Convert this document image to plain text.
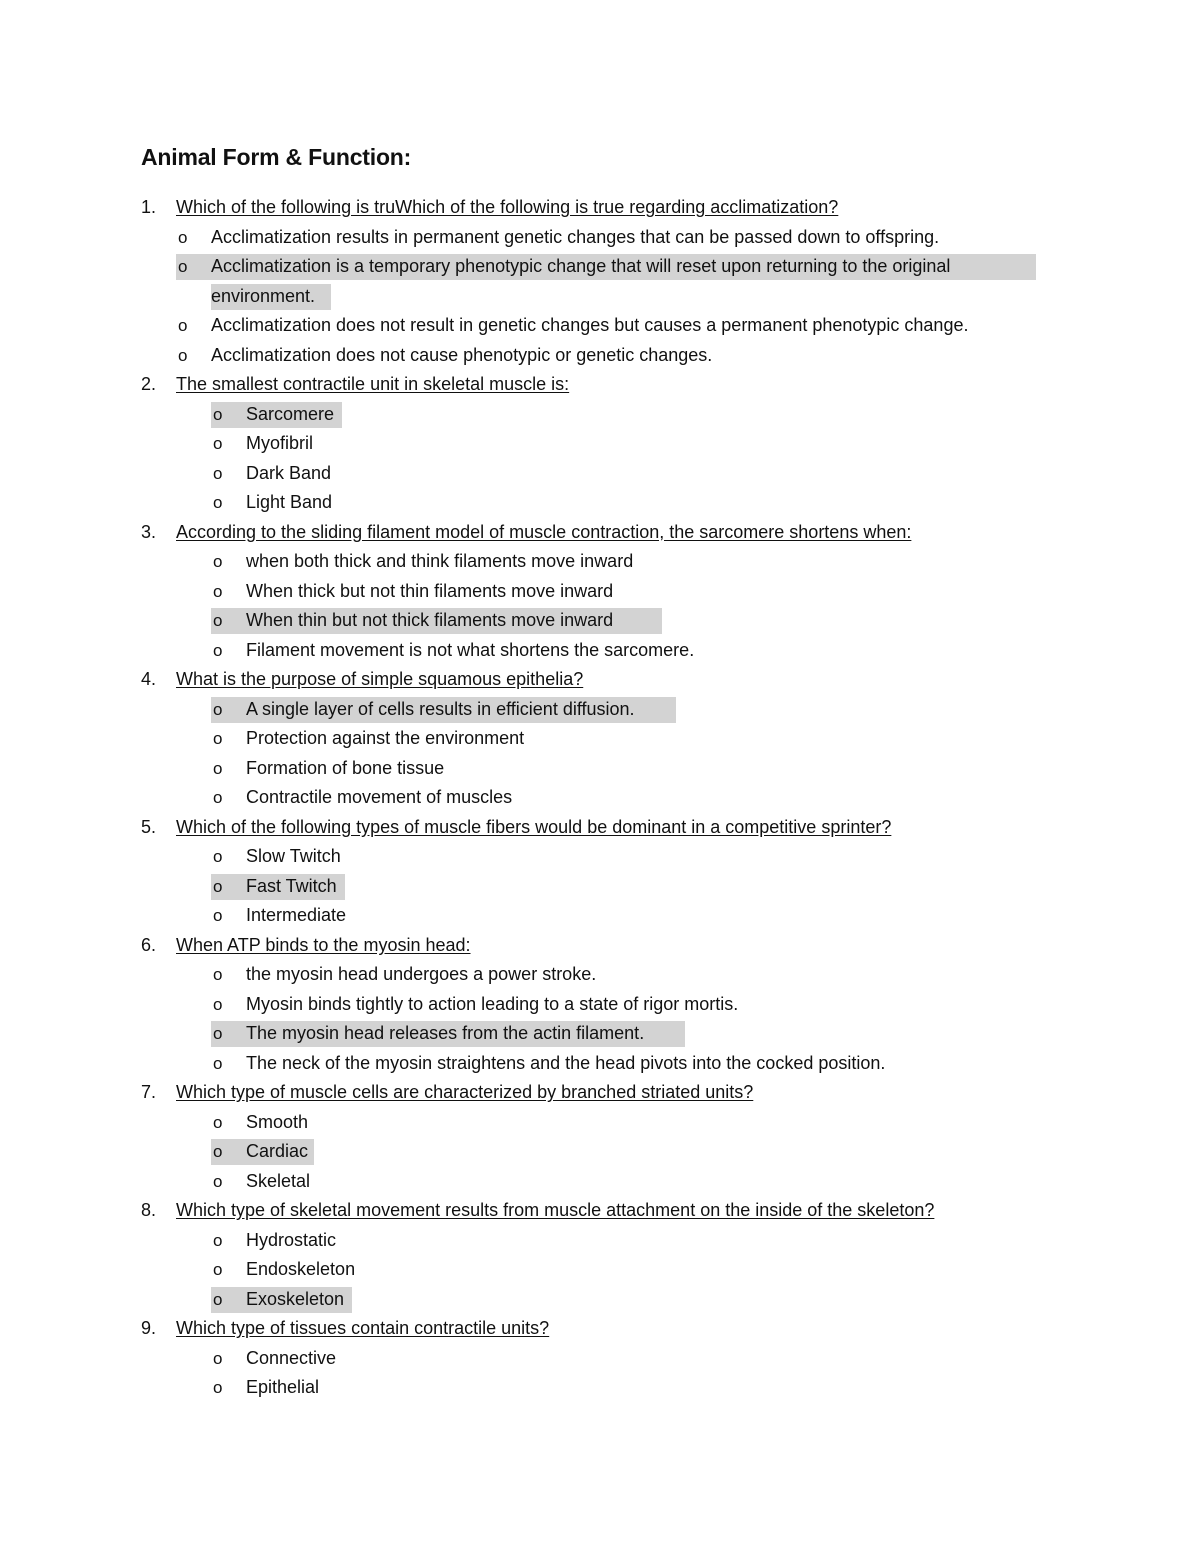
Animal Form & Function:
1. Which of the following is truWhich of the following is true regarding acclimatization?
o Acclimatization results in permanent genetic changes that can be passed down to offspring.
o Acclimatization is a temporary phenotypic change that will reset upon returning to the original
environment.
o Acclimatization does not result in genetic changes but causes a permanent phenotypic change.
o Acclimatization does not cause phenotypic or genetic changes.
2. The smallest contractile unit in skeletal muscle is:
o Sarcomere
o Myofibril
o Dark Band
o Light Band
3. According to the sliding filament model of muscle contraction, the sarcomere shortens when:
o when both thick and think filaments move inward
o When thick but not thin filaments move inward
o When thin but not thick filaments move inward
o Filament movement is not what shortens the sarcomere.
4. What is the purpose of simple squamous epithelia?
o A single layer of cells results in efficient diffusion.
o Protection against the environment
o Formation of bone tissue
o Contractile movement of muscles
5. Which of the following types of muscle fibers would be dominant in a competitive sprinter?
o Slow Twitch
o Fast Twitch
o Intermediate
6. When ATP binds to the myosin head:
o the myosin head undergoes a power stroke.
o Myosin binds tightly to action leading to a state of rigor mortis.
o The myosin head releases from the actin filament.
o The neck of the myosin straightens and the head pivots into the cocked position.
7. Which type of muscle cells are characterized by branched striated units?
o Smooth
o Cardiac
o Skeletal
8. Which type of skeletal movement results from muscle attachment on the inside of the skeleton?
o Hydrostatic
o Endoskeleton
o Exoskeleton
9. Which type of tissues contain contractile units?
o Connective
o Epithelial
